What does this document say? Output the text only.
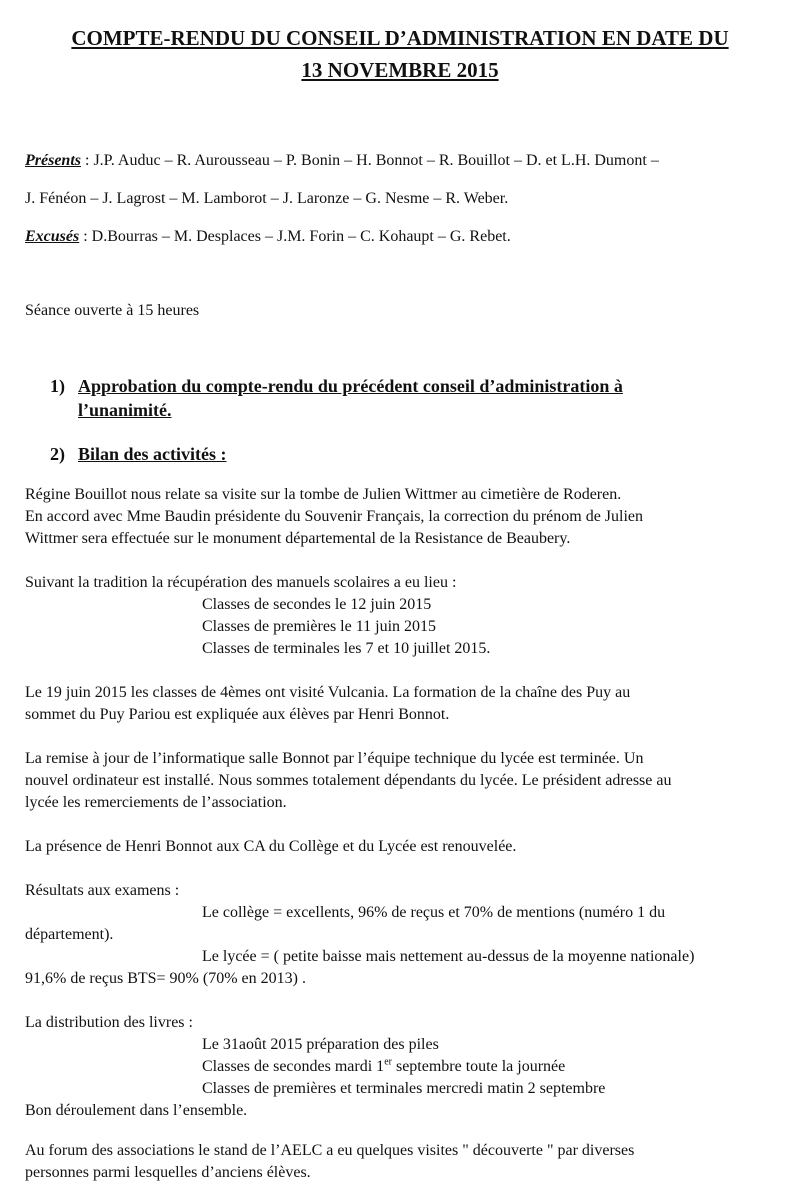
COMPTE-RENDU DU CONSEIL D’ADMINISTRATION EN DATE DU
13 NOVEMBRE 2015
Présents : J.P. Auduc – R. Aurousseau – P. Bonin – H. Bonnot – R. Bouillot – D. et L.H. Dumont –
J. Fénéon – J. Lagrost – M. Lamborot – J. Laronze – G. Nesme – R. Weber.
Excusés : D.Bourras – M. Desplaces – J.M. Forin – C. Kohaupt – G. Rebet.
Séance ouverte à 15 heures
1) Approbation du compte-rendu du précédent conseil d’administration à
l’unanimité.
2) Bilan des activités :
Régine Bouillot nous relate sa visite sur la tombe de Julien Wittmer au cimetière de Roderen.
En accord avec Mme Baudin présidente du Souvenir Français, la correction du prénom de Julien
Wittmer sera effectuée sur le monument départemental de la Resistance de Beaubery.
Suivant la tradition la récupération des manuels scolaires a eu lieu :
Classes de secondes le 12 juin 2015
Classes de premières le 11 juin 2015
Classes de terminales les 7 et 10 juillet 2015.
Le 19 juin 2015 les classes de 4èmes ont visité Vulcania. La formation de la chaîne des Puy au
sommet du Puy Pariou est expliquée aux élèves par Henri Bonnot.
La remise à jour de l’informatique salle Bonnot par l’équipe technique du lycée est terminée. Un
nouvel ordinateur est installé. Nous sommes totalement dépendants du lycée. Le président adresse au
lycée les remerciements de l’association.
La présence de Henri Bonnot aux CA du Collège et du Lycée est renouvelée.
Résultats aux examens :
Le collège = excellents, 96% de reçus et 70% de mentions (numéro 1 du
département).
Le lycée = ( petite baisse mais nettement au-dessus de la moyenne nationale)
91,6% de reçus BTS= 90% (70% en 2013) .
La distribution des livres :
Le 31août 2015 préparation des piles
Classes de secondes mardi 1er septembre toute la journée
Classes de premières et terminales mercredi matin 2 septembre
Bon déroulement dans l’ensemble.
Au forum des associations le stand de l’AELC a eu quelques visites " découverte " par diverses
personnes parmi lesquelles d’anciens élèves.
